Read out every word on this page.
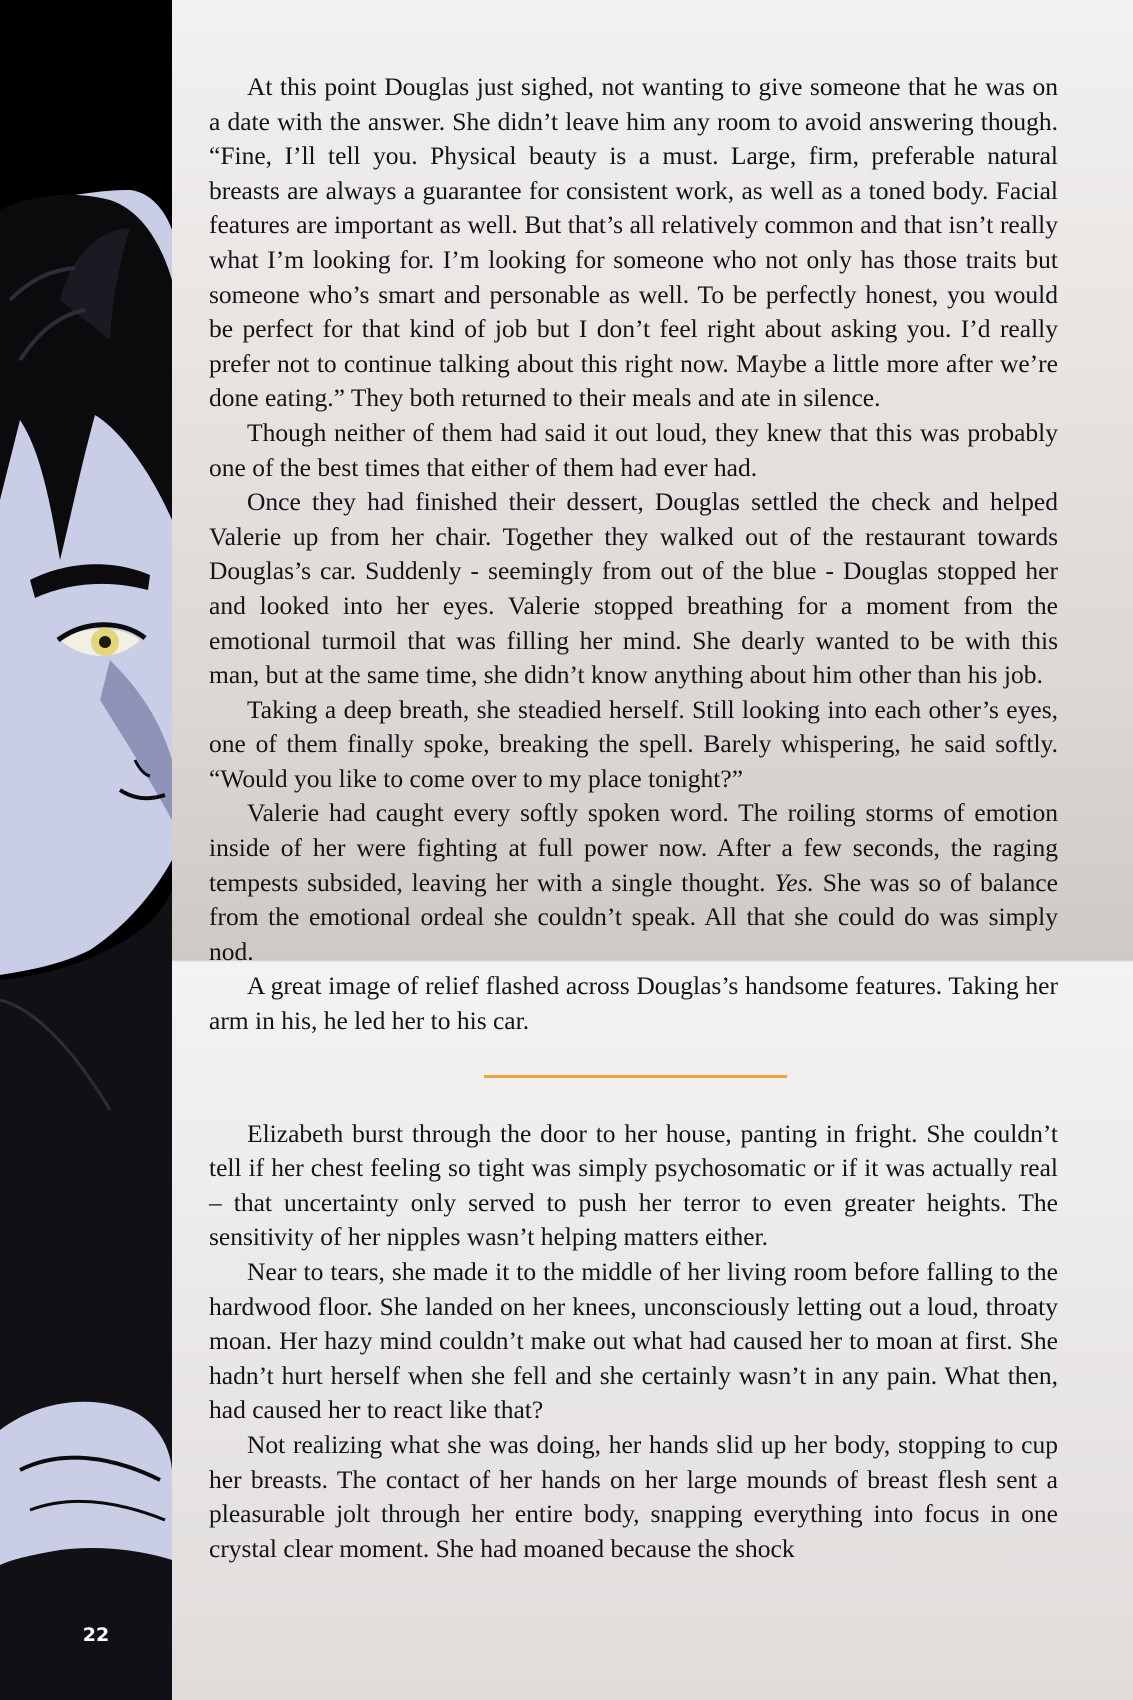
22

At this point Douglas just sighed, not wanting to give someone that he was on a date with the answer. She didn’t leave him any room to avoid answering though. “Fine, I’ll tell you. Physical beauty is a must. Large, firm, preferable natural breasts are always a guarantee for consistent work, as well as a toned body. Facial features are important as well. But that’s all relatively common and that isn’t really what I’m looking for. I’m looking for someone who not only has those traits but someone who’s smart and personable as well. To be perfectly honest, you would be perfect for that kind of job but I don’t feel right about asking you. I’d really prefer not to continue talking about this right now. Maybe a little more after we’re done eating.” They both returned to their meals and ate in silence.

Though neither of them had said it out loud, they knew that this was probably one of the best times that either of them had ever had.

Once they had finished their dessert, Douglas settled the check and helped Valerie up from her chair. Together they walked out of the restaurant towards Douglas’s car. Suddenly - seemingly from out of the blue - Douglas stopped her and looked into her eyes. Valerie stopped breathing for a moment from the emotional turmoil that was filling her mind. She dearly wanted to be with this man, but at the same time, she didn’t know anything about him other than his job.

Taking a deep breath, she steadied herself. Still looking into each other’s eyes, one of them finally spoke, breaking the spell. Barely whispering, he said softly. “Would you like to come over to my place tonight?”

Valerie had caught every softly spoken word. The roiling storms of emotion inside of her were fighting at full power now. After a few seconds, the raging tempests subsided, leaving her with a single thought. Yes. She was so of balance from the emotional ordeal she couldn’t speak. All that she could do was simply nod.

A great image of relief flashed across Douglas’s handsome features. Taking her arm in his, he led her to his car.

Elizabeth burst through the door to her house, panting in fright. She couldn’t tell if her chest feeling so tight was simply psychosomatic or if it was actually real – that uncertainty only served to push her terror to even greater heights. The sensitivity of her nipples wasn’t helping matters either.

Near to tears, she made it to the middle of her living room before falling to the hardwood floor. She landed on her knees, unconsciously letting out a loud, throaty moan. Her hazy mind couldn’t make out what had caused her to moan at first. She hadn’t hurt herself when she fell and she certainly wasn’t in any pain. What then, had caused her to react like that?

Not realizing what she was doing, her hands slid up her body, stopping to cup her breasts. The contact of her hands on her large mounds of breast flesh sent a pleasurable jolt through her entire body, snapping everything into focus in one crystal clear moment. She had moaned because the shock
